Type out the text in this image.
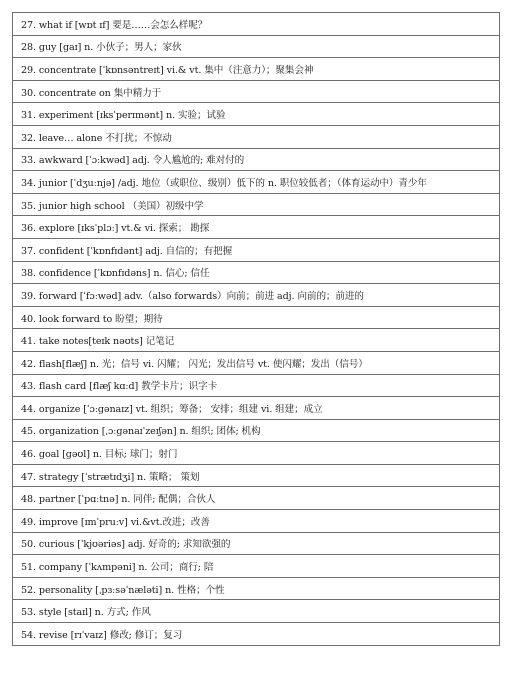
27. what if [wɒt ɪf] 要是……会怎么样呢？
28. guy [gaɪ] n. 小伙子；男人；家伙
29. concentrate [ˈkɒnsəntreɪt] vi.& vt. 集中（注意力）；聚集会神
30. concentrate on 集中精力于
31. experiment [ɪksˈperɪmənt] n. 实验；试验
32. leave… alone 不打扰；不惊动
33. awkward [ˈɔːkwəd] adj. 令人尴尬的; 难对付的
34. junior [ˈdʒuːnjə] /adj. 地位（或职位、级别）低下的 n. 职位较低者；（体育运动中）青少年
35. junior high school （美国）初级中学
36. explore [ɪksˈplɔː] vt.& vi. 探索； 勘探
37. confident [ˈkɒnfɪdənt] adj. 自信的；有把握
38. confidence [ˈkɒnfɪdəns] n. 信心; 信任
39. forward [ˈfɔːwəd] adv.（also forwards）向前；前进 adj. 向前的；前进的
40. look forward to 盼望；期待
41. take notes[teɪk nəʊts] 记笔记
42. flash[flæʃ] n. 光；信号 vi. 闪耀； 闪光；发出信号 vt. 使闪耀；发出（信号）
43. flash card [flæʃ kɑːd] 教学卡片；识字卡
44. organize [ˈɔːgənaɪz] vt. 组织；筹备； 安排；组建 vi. 组建；成立
45. organization [ˌɔːgənaɪˈzeɪʃən] n. 组织; 团体; 机构
46. goal [gəʊl] n. 目标; 球门；射门
47. strategy [ˈstrætɪdʒi] n. 策略； 策划
48. partner [ˈpɑːtnə] n. 同伴; 配偶；合伙人
49. improve [ɪmˈpruːv] vi.&vt.改进；改善
50. curious [ˈkjʊəriəs] adj. 好奇的; 求知欲强的
51. company [ˈkʌmpəni] n. 公司；商行; 陪
52. personality [ˌpɜːsəˈnæləti] n. 性格；个性
53. style [staɪl] n. 方式; 作风
54. revise [rɪˈvaɪz] 修改; 修订；复习
